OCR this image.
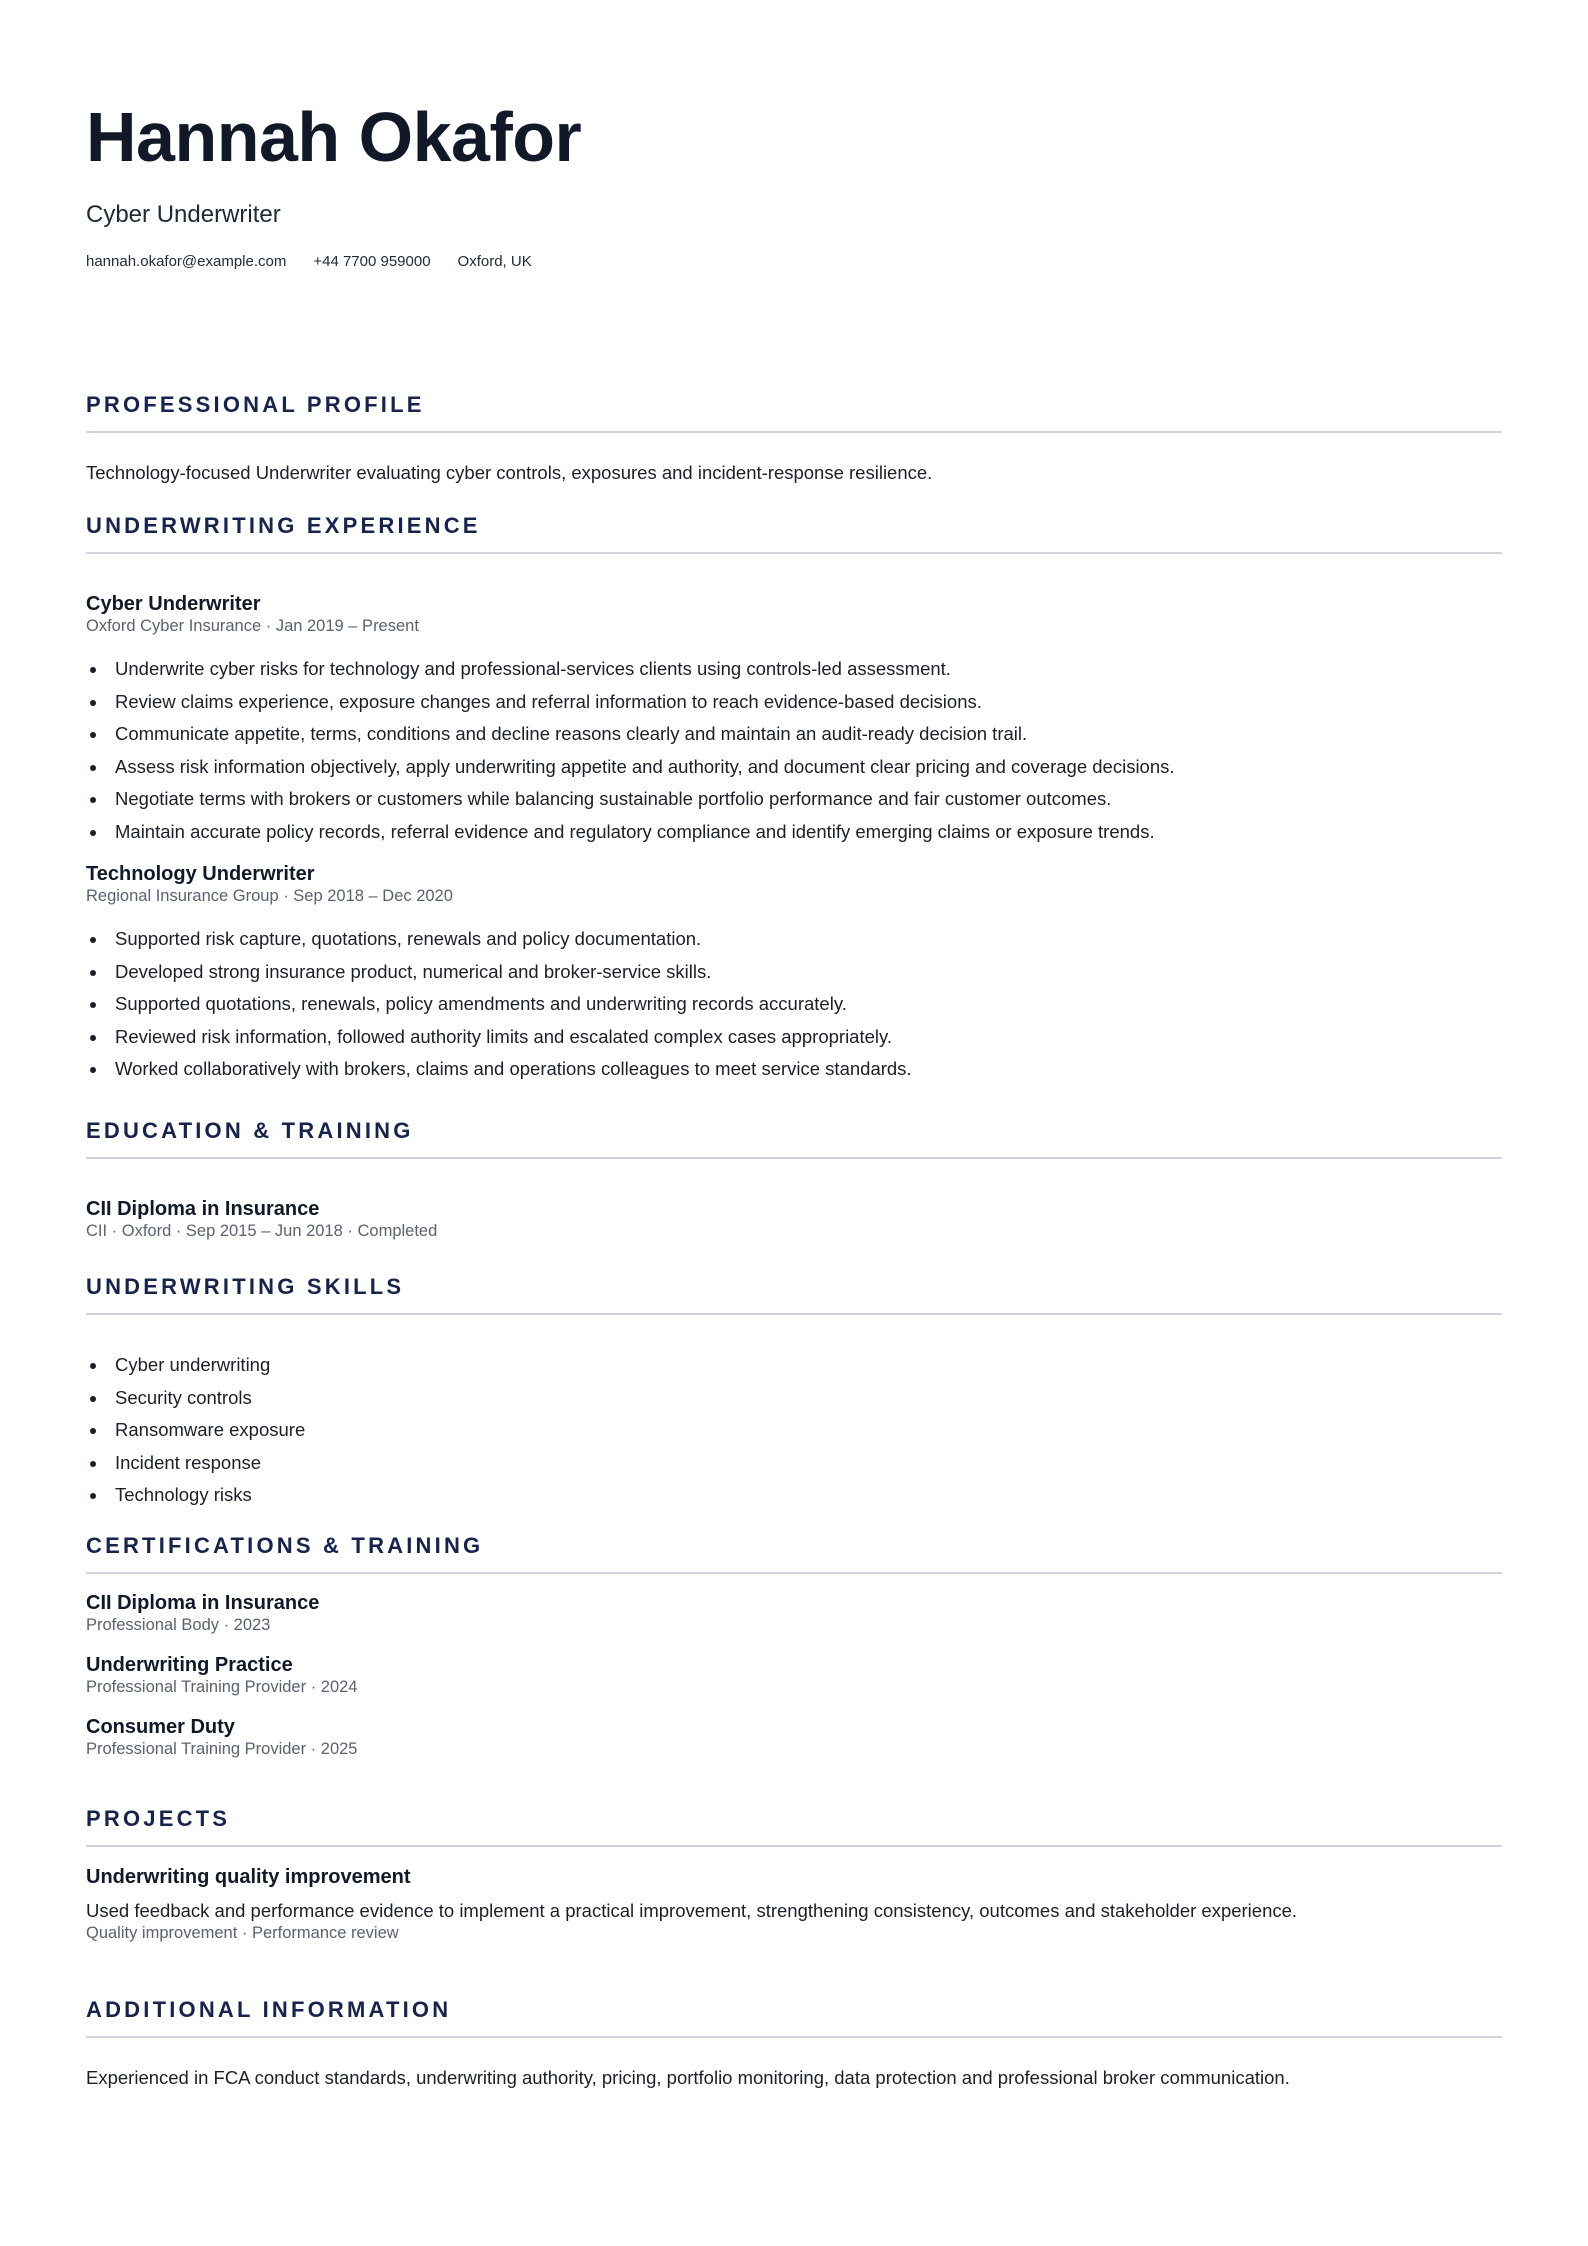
Hannah Okafor
Cyber Underwriter
hannah.okafor@example.com +44 7700 959000 Oxford, UK
PROFESSIONAL PROFILE
Technology-focused Underwriter evaluating cyber controls, exposures and incident-response resilience.
UNDERWRITING EXPERIENCE
Cyber Underwriter
Oxford Cyber Insurance · Jan 2019 – Present
Underwrite cyber risks for technology and professional-services clients using controls-led assessment.
Review claims experience, exposure changes and referral information to reach evidence-based decisions.
Communicate appetite, terms, conditions and decline reasons clearly and maintain an audit-ready decision trail.
Assess risk information objectively, apply underwriting appetite and authority, and document clear pricing and coverage decisions.
Negotiate terms with brokers or customers while balancing sustainable portfolio performance and fair customer outcomes.
Maintain accurate policy records, referral evidence and regulatory compliance and identify emerging claims or exposure trends.
Technology Underwriter
Regional Insurance Group · Sep 2018 – Dec 2020
Supported risk capture, quotations, renewals and policy documentation.
Developed strong insurance product, numerical and broker-service skills.
Supported quotations, renewals, policy amendments and underwriting records accurately.
Reviewed risk information, followed authority limits and escalated complex cases appropriately.
Worked collaboratively with brokers, claims and operations colleagues to meet service standards.
EDUCATION & TRAINING
CII Diploma in Insurance
CII · Oxford · Sep 2015 – Jun 2018 · Completed
UNDERWRITING SKILLS
Cyber underwriting
Security controls
Ransomware exposure
Incident response
Technology risks
CERTIFICATIONS & TRAINING
CII Diploma in Insurance
Professional Body · 2023
Underwriting Practice
Professional Training Provider · 2024
Consumer Duty
Professional Training Provider · 2025
PROJECTS
Underwriting quality improvement
Used feedback and performance evidence to implement a practical improvement, strengthening consistency, outcomes and stakeholder experience.
Quality improvement · Performance review
ADDITIONAL INFORMATION
Experienced in FCA conduct standards, underwriting authority, pricing, portfolio monitoring, data protection and professional broker communication.
